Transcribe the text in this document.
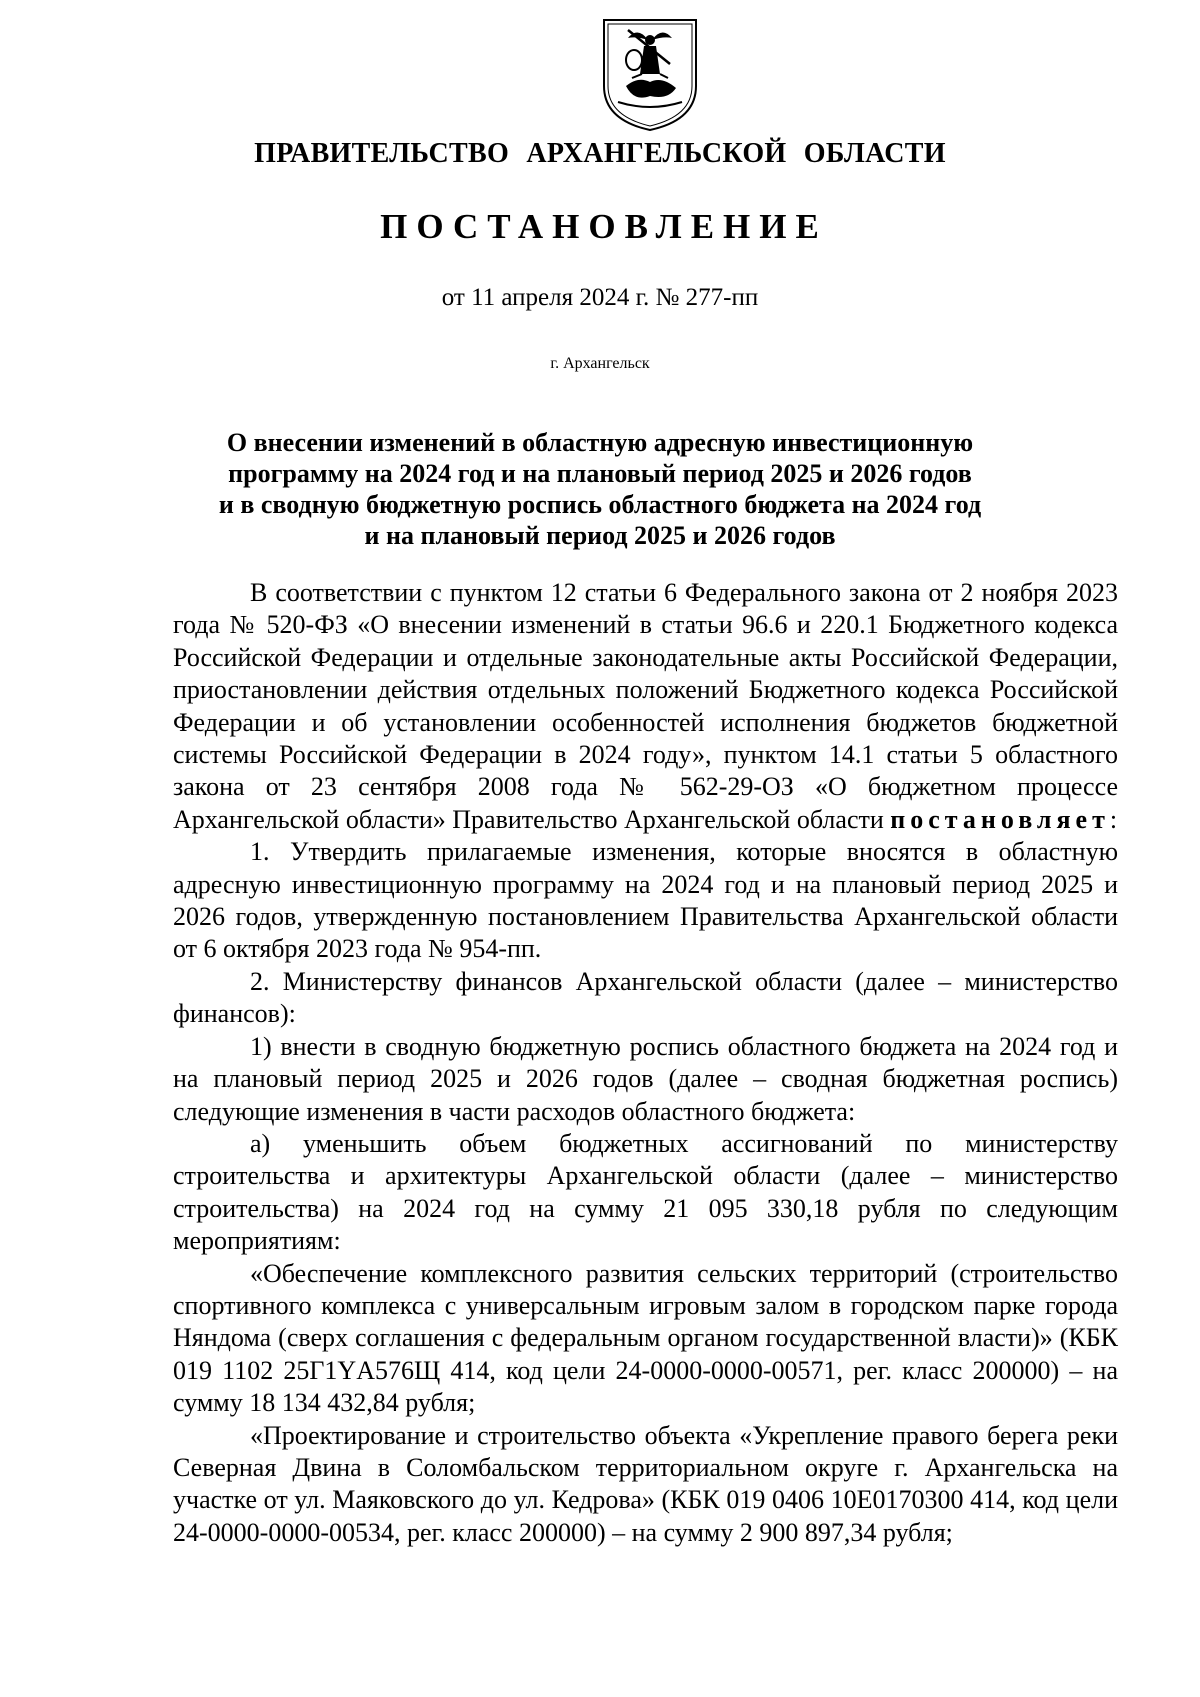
ПРАВИТЕЛЬСТВО АРХАНГЕЛЬСКОЙ ОБЛАСТИ
ПОСТАНОВЛЕНИЕ
от 11 апреля 2024 г. № 277-пп
г. Архангельск
О внесении изменений в областную адресную инвестиционную
программу на 2024 год и на плановый период 2025 и 2026 годов
и в сводную бюджетную роспись областного бюджета на 2024 год
и на плановый период 2025 и 2026 годов

В соответствии с пунктом 12 статьи 6 Федерального закона от 2 ноября 2023 года № 520-ФЗ «О внесении изменений в статьи 96.6 и 220.1 Бюджетного кодекса Российской Федерации и отдельные законодательные акты Российской Федерации, приостановлении действия отдельных положений Бюджетного кодекса Российской Федерации и об установлении особенностей исполнения бюджетов бюджетной системы Российской Федерации в 2024 году», пунктом 14.1 статьи 5 областного закона от 23 сентября 2008 года № 562-29-ОЗ «О бюджетном процессе Архангельской области» Правительство Архангельской области постановляет:

1. Утвердить прилагаемые изменения, которые вносятся в областную адресную инвестиционную программу на 2024 год и на плановый период 2025 и 2026 годов, утвержденную постановлением Правительства Архангельской области от 6 октября 2023 года № 954-пп.

2. Министерству финансов Архангельской области (далее – министерство финансов):

1) внести в сводную бюджетную роспись областного бюджета на 2024 год и на плановый период 2025 и 2026 годов (далее – сводная бюджетная роспись) следующие изменения в части расходов областного бюджета:

а) уменьшить объем бюджетных ассигнований по министерству строительства и архитектуры Архангельской области (далее – министерство строительства) на 2024 год на сумму 21 095 330,18 рубля по следующим мероприятиям:

«Обеспечение комплексного развития сельских территорий (строительство спортивного комплекса с универсальным игровым залом в городском парке города Няндома (сверх соглашения с федеральным органом государственной власти)» (КБК 019 1102 25Г1YА576Щ 414, код цели 24-0000-0000-00571, рег. класс 200000) – на сумму 18 134 432,84 рубля;

«Проектирование и строительство объекта «Укрепление правого берега реки Северная Двина в Соломбальском территориальном округе г. Архангельска на участке от ул. Маяковского до ул. Кедрова» (КБК 019 0406 10Е0170300 414, код цели 24-0000-0000-00534, рег. класс 200000) – на сумму 2 900 897,34 рубля;
